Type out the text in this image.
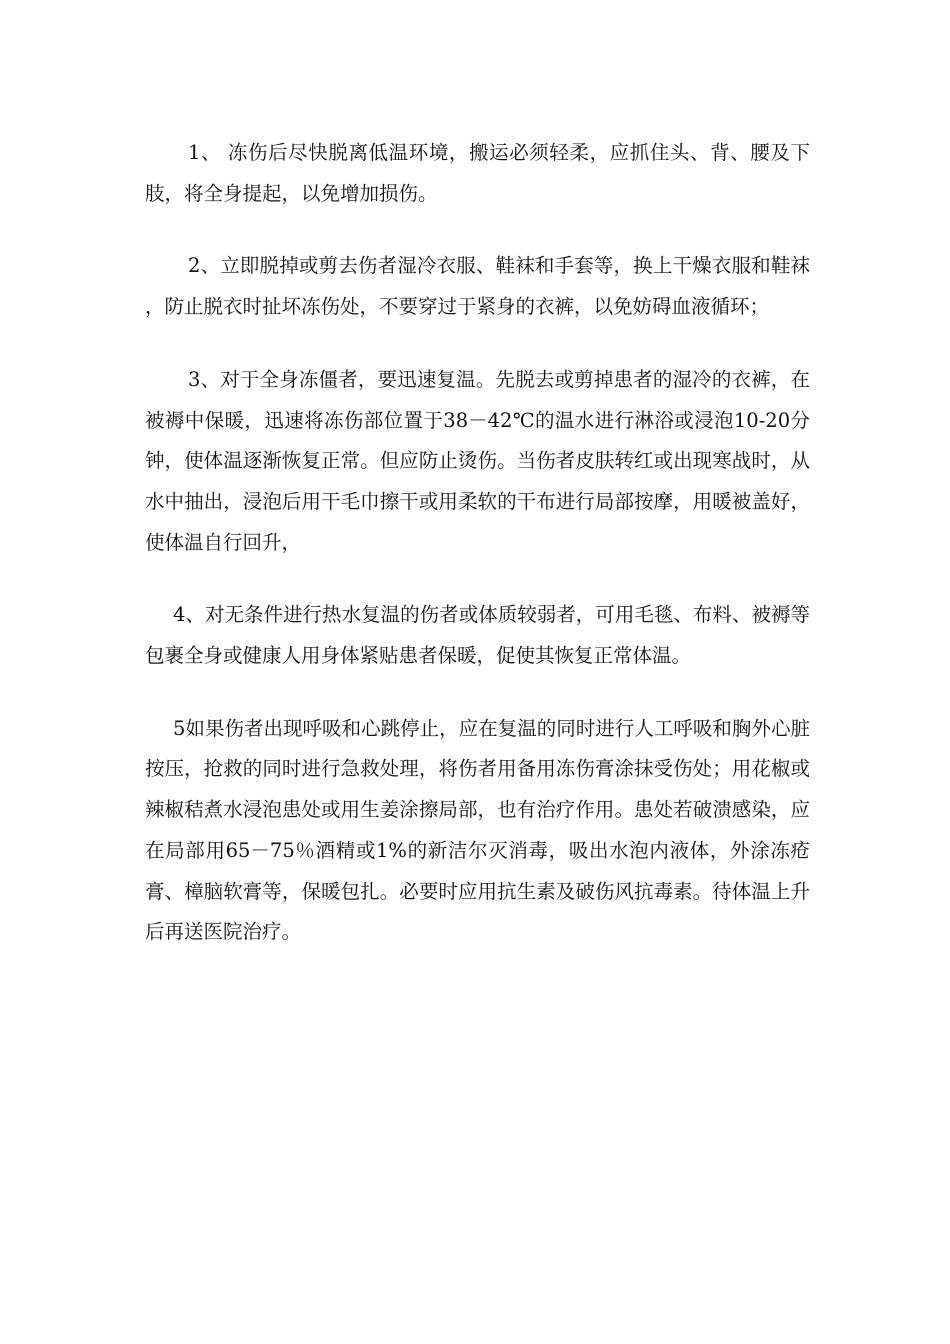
1、 冻伤后尽快脱离低温环境，搬运必须轻柔，应抓住头、背、腰及下肢，将全身提起，以免增加损伤。

2、立即脱掉或剪去伤者湿冷衣服、鞋袜和手套等，换上干燥衣服和鞋袜，防止脱衣时扯坏冻伤处，不要穿过于紧身的衣裤，以免妨碍血液循环；

3、对于全身冻僵者，要迅速复温。先脱去或剪掉患者的湿冷的衣裤，在被褥中保暖，迅速将冻伤部位置于38－42℃的温水进行淋浴或浸泡10-20分钟，使体温逐渐恢复正常。但应防止烫伤。当伤者皮肤转红或出现寒战时，从水中抽出，浸泡后用干毛巾擦干或用柔软的干布进行局部按摩，用暖被盖好，使体温自行回升，

4、对无条件进行热水复温的伤者或体质较弱者，可用毛毯、布料、被褥等包裹全身或健康人用身体紧贴患者保暖，促使其恢复正常体温。

5如果伤者出现呼吸和心跳停止，应在复温的同时进行人工呼吸和胸外心脏按压，抢救的同时进行急救处理，将伤者用备用冻伤膏涂抹受伤处；用花椒或辣椒秸煮水浸泡患处或用生姜涂擦局部，也有治疗作用。患处若破溃感染，应在局部用65－75％酒精或1%的新洁尔灭消毒，吸出水泡内液体，外涂冻疮膏、樟脑软膏等，保暖包扎。必要时应用抗生素及破伤风抗毒素。待体温上升后再送医院治疗。
